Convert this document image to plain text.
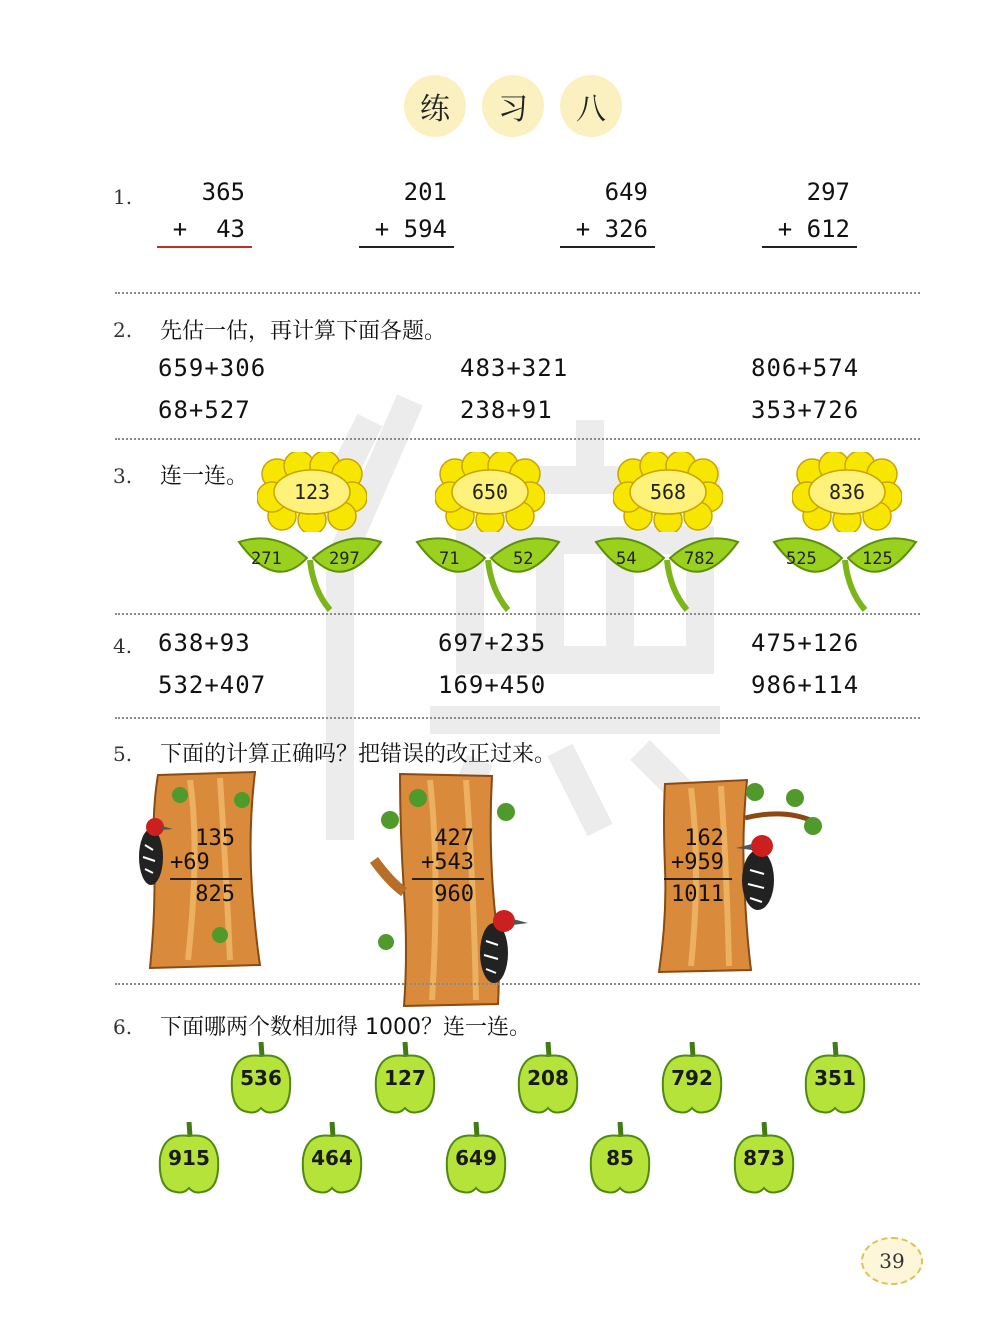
练	习	八
1.	365
+  43
201
+ 594
649
+ 326
297
+ 612
2. 先估一估，再计算下面各题。
659+306	483+321	806+574
68+527	238+91	353+726
3. 连一连。
123	650	568	836
271	297	71	52	54	782	525	125
4. 638+93	697+235	475+126
532+407	169+450	986+114
5. 下面的计算正确吗？把错误的改正过来。
135
+69
825
427
+543
960
162
+959
1011
6. 下面哪两个数相加得 1000？连一连。
536	127	208	792	351
915	464	649	85	873
39
